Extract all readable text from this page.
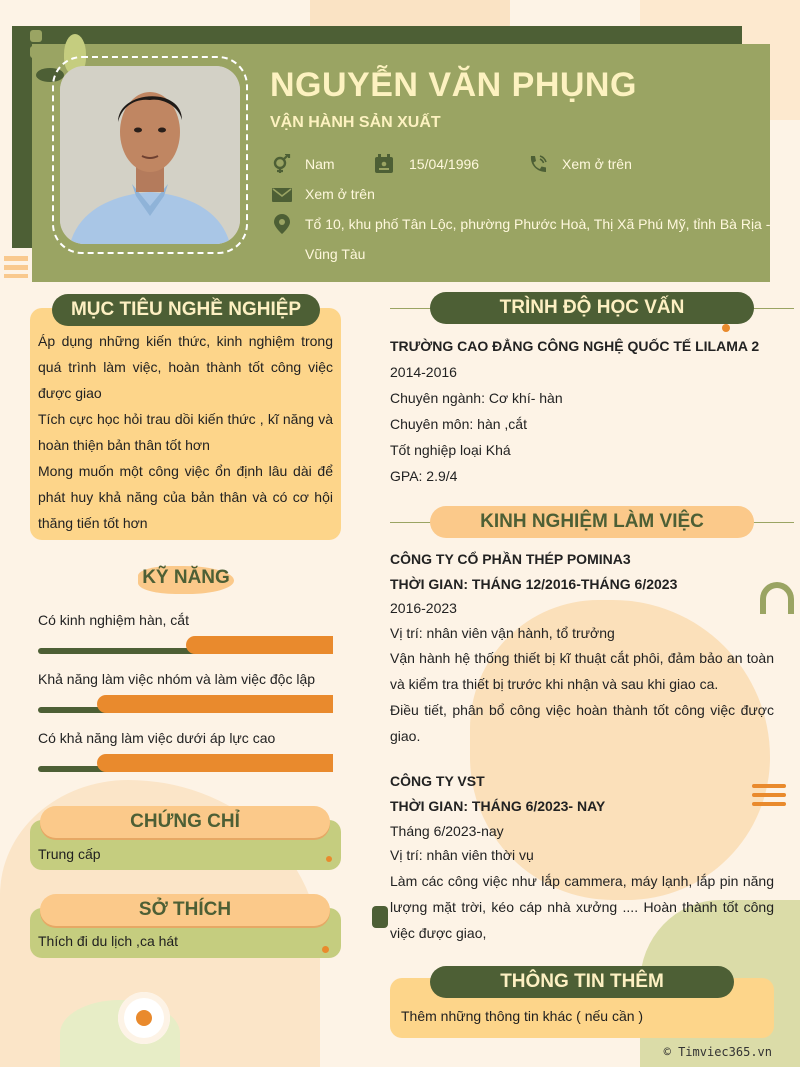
NGUYỄN VĂN PHỤNG
VẬN HÀNH SẢN XUẤT
Nam	15/04/1996	Xem ở trên
Xem ở trên
Tổ 10, khu phố Tân Lộc, phường Phước Hoà, Thị Xã Phú Mỹ, tỉnh Bà Rịa -
Vũng Tàu
MỤC TIÊU NGHỀ NGHIỆP

Áp dụng những kiến thức, kinh nghiệm trong quá trình làm việc, hoàn thành tốt công việc được giao

Tích cực học hỏi trau dồi kiến thức , kĩ năng và hoàn thiện bản thân tốt hơn

Mong muốn một công việc ổn định lâu dài để phát huy khả năng của bản thân và có cơ hội thăng tiến tốt hơn

KỸ NĂNG
Có kinh nghiệm hàn, cắt
Khả năng làm việc nhóm và làm việc độc lập
Có khả năng làm việc dưới áp lực cao
CHỨNG CHỈ
Trung cấp
SỞ THÍCH
Thích đi du lịch ,ca hát
TRÌNH ĐỘ HỌC VẤN
TRƯỜNG CAO ĐẲNG CÔNG NGHỆ QUỐC TẾ LILAMA 2
2014-2016
Chuyên ngành: Cơ khí- hàn
Chuyên môn: hàn ,cắt
Tốt nghiệp loại Khá
GPA: 2.9/4
KINH NGHIỆM LÀM VIỆC
CÔNG TY CỔ PHẦN THÉP POMINA3
THỜI GIAN: THÁNG 12/2016-THÁNG 6/2023
2016-2023
Vị trí: nhân viên vận hành, tổ trưởng
Vận hành hệ thống thiết bị kĩ thuật cắt phôi, đảm bảo an toàn và kiểm tra thiết bị trước khi nhận và sau khi giao ca.
Điều tiết, phân bổ công việc hoàn thành tốt công việc được giao.
CÔNG TY VST
THỜI GIAN: THÁNG 6/2023- NAY
Tháng 6/2023-nay
Vị trí: nhân viên thời vụ
Làm các công việc như lắp cammera, máy lạnh, lắp pin năng lượng mặt trời, kéo cáp nhà xưởng .... Hoàn thành tốt công việc được giao,
THÔNG TIN THÊM
Thêm những thông tin khác ( nếu cần )
© Timviec365.vn
